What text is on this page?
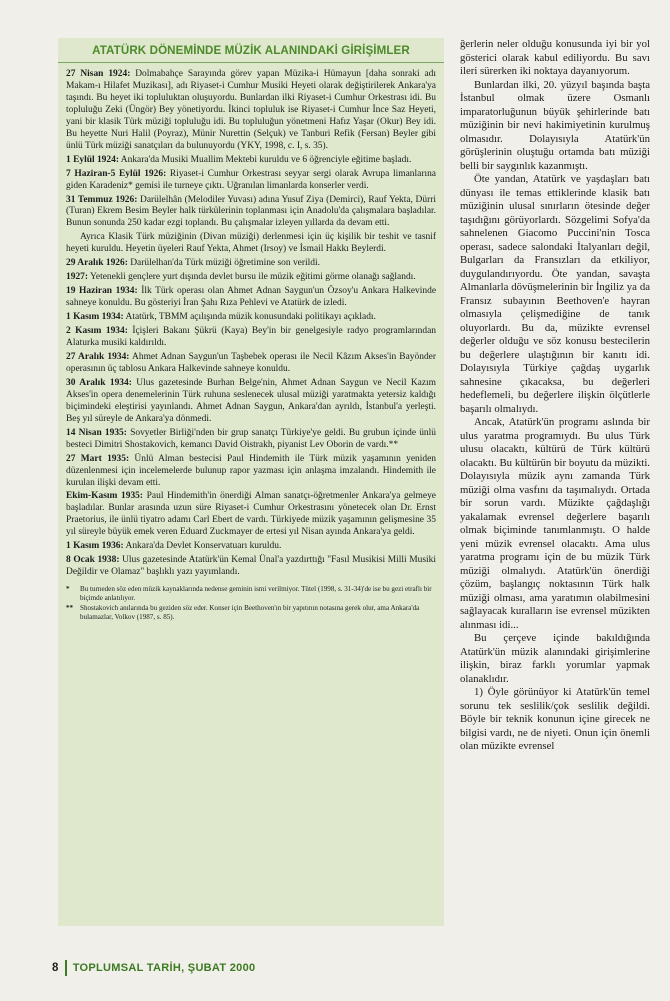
ATATÜRK DÖNEMİNDE MÜZİK ALANINDAKİ GİRİŞİMLER

27 Nisan 1924: Dolmabahçe Sarayında görev yapan Müzika-i Hümayun [daha sonraki adı Makam-ı Hilafet Muzikası], adı Riyaset-i Cumhur Musiki Heyeti olarak değiştirilerek Ankara'ya taşındı. Bu heyet iki topluluktan oluşuyordu. Bunlardan ilki Riyaset-i Cumhur Orkestrası idi. Bu topluluğu Zeki (Üngör) Bey yönetiyordu. İkinci topluluk ise Riyaset-i Cumhur İnce Saz Heyeti, yani bir klasik Türk müziği topluluğu idi. Bu topluluğun yönetmeni Hafız Yaşar (Okur) Bey idi. Bu heyette Nuri Halil (Poyraz), Münir Nurettin (Selçuk) ve Tanburi Refik (Fersan) Beyler gibi ünlü Türk müziği sanatçıları da bulunuyordu (YKY, 1998, c. I, s. 35).

1 Eylül 1924: Ankara'da Musiki Muallim Mektebi kuruldu ve 6 öğrenciyle eğitime başladı.

7 Haziran-5 Eylül 1926: Riyaset-i Cumhur Orkestrası seyyar sergi olarak Avrupa limanlarına giden Karadeniz* gemisi ile turneye çıktı. Uğranılan limanlarda konserler verdi.

31 Temmuz 1926: Darülelhân (Melodiler Yuvası) adına Yusuf Ziya (Demirci), Rauf Yekta, Dürri (Turan) Ekrem Besim Beyler halk türkülerinin toplanması için Anadolu'da çalışmalara başladılar. Bunun sonunda 250 kadar ezgi toplandı. Bu çalışmalar izleyen yıllarda da devam etti.

Ayrıca Klasik Türk müziğinin (Divan müziği) derlenmesi için üç kişilik bir teshit ve tasnif heyeti kuruldu. Heyetin üyeleri Rauf Yekta, Ahmet (Irsoy) ve İsmail Hakkı Beylerdi.

29 Aralık 1926: Darülelhan'da Türk müziği öğretimine son verildi.

1927: Yetenekli gençlere yurt dışında devlet bursu ile müzik eğitimi görme olanağı sağlandı.

19 Haziran 1934: İlk Türk operası olan Ahmet Adnan Saygun'un Özsoy'u Ankara Halkevinde sahneye konuldu. Bu gösteriyi İran Şahı Rıza Pehlevi ve Atatürk de izledi.

1 Kasım 1934: Atatürk, TBMM açılışında müzik konusundaki politikayı açıkladı.

2 Kasım 1934: İçişleri Bakanı Şükrü (Kaya) Bey'in bir genelgesiyle radyo programlarından Alaturka musiki kaldırıldı.

27 Aralık 1934: Ahmet Adnan Saygun'un Taşbebek operası ile Necil Kâzım Akses'in Bayönder operasının üç tablosu Ankara Halkevinde sahneye konuldu.

30 Aralık 1934: Ulus gazetesinde Burhan Belge'nin, Ahmet Adnan Saygun ve Necil Kazım Akses'in opera denemelerinin Türk ruhuna seslenecek ulusal müziği yaratmakta yetersiz kaldığı biçimindeki eleştirisi yayınlandı. Ahmet Adnan Saygun, Ankara'dan ayrıldı, İstanbul'a yerleşti. Beş yıl süreyle de Ankara'ya dönmedi.

14 Nisan 1935: Sovyetler Birliği'nden bir grup sanatçı Türkiye'ye geldi. Bu grubun içinde ünlü besteci Dimitri Shostakovich, kemancı David Oistrakh, piyanist Lev Oborin de vardı.**

27 Mart 1935: Ünlü Alman bestecisi Paul Hindemith ile Türk müzik yaşamının yeniden düzenlenmesi için incelemelerde bulunup rapor yazması için anlaşma imzalandı. Hindemith ile kurulan ilişki devam etti.

Ekim-Kasım 1935: Paul Hindemith'in önerdiği Alman sanatçı-öğretmenler Ankara'ya gelmeye başladılar. Bunlar arasında uzun süre Riyaset-i Cumhur Orkestrasını yönetecek olan Dr. Ernst Praetorius, ile ünlü tiyatro adamı Carl Ebert de vardı. Türkiyede müzik yaşamının gelişmesine 35 yıl süreyle büyük emek veren Eduard Zuckmayer de ertesi yıl Nisan ayında Ankara'ya geldi.

1 Kasım 1936: Ankara'da Devlet Konservatuarı kuruldu.

8 Ocak 1938: Ulus gazetesinde Atatürk'ün Kemal Ünal'a yazdırttığı "Fasıl Musikisi Milli Musiki Değildir ve Olamaz" başlıklı yazı yayımlandı.

* Bu turneden söz eden müzik kaynaklarında nedense geminin ismi verilmiyor. Tütel (1998, s. 31-34)'de ise bu gezi etraflı bir biçimde anlatılıyor.
** Shostakovich anılarında bu geziden söz eder. Konser için Beethoven'ın bir yapıtının notasına gerek olur, ama Ankara'da bulamazlar, Volkov (1987, s. 85).

ğerlerin neler olduğu konusunda iyi bir yol gösterici olarak kabul ediliyordu. Bu savı ileri sürerken iki noktaya dayanıyorum.

Bunlardan ilki, 20. yüzyıl başında başta İstanbul olmak üzere Osmanlı imparatorluğunun büyük şehirlerinde batı müziğinin bir nevi hakimiyetinin kurulmuş olmasıdır. Dolayısıyla Atatürk'ün görüşlerinin oluştuğu ortamda batı müziği belli bir saygınlık kazanmıştı.

Öte yandan, Atatürk ve yaşdaşları batı dünyası ile temas ettiklerinde klasik batı müziğinin ulusal sınırların ötesinde değer taşıdığını görüyorlardı. Sözgelimi Sofya'da sahnelenen Giacomo Puccini'nin Tosca operası, sadece salondaki İtalyanları değil, Bulgarları da Fransızları da etkiliyor, duygulandırıyordu. Öte yandan, savaşta Almanlarla dövüşmelerinin bir İngiliz ya da Fransız subayının Beethoven'e hayran olmasıyla çelişmediğine de tanık oluyorlardı. Bu da, müzikte evrensel değerler olduğu ve söz konusu bestecilerin bu değerlere ulaştığının bir kanıtı idi. Dolayısıyla Türkiye çağdaş uygarlık sahnesine çıkacaksa, bu değerleri hedeflemeli, bu değerlere ilişkin ölçütlerle başarılı olmalıydı.

Ancak, Atatürk'ün programı aslında bir ulus yaratma programıydı. Bu ulus Türk ulusu olacaktı, kültürü de Türk kültürü olacaktı. Bu kültürün bir boyutu da müzikti. Dolayısıyla müzik aynı zamanda Türk müziği olma vasfını da taşımalıydı. Ortada bir sorun vardı. Müzikte çağdaşlığı yakalamak evrensel değerlere başarılı olmak biçiminde tanımlanmıştı. O halde yeni müzik evrensel olacaktı. Ama ulus yaratma programı için de bu müzik Türk müziği olmalıydı. Atatürk'ün önerdiği çözüm, başlangıç noktasının Türk halk müziği olması, ama yaratımın olabilmesini sağlayacak kuralların ise evrensel müzikten alınması idi...

Bu çerçeve içinde bakıldığında Atatürk'ün müzik alanındaki girişimlerine ilişkin, biraz farklı yorumlar yapmak olanaklıdır.

1) Öyle görünüyor ki Atatürk'ün temel sorunu tek seslilik/çok seslilik değildi. Böyle bir teknik konunun içine girecek ne bilgisi vardı, ne de niyeti. Onun için önemli olan müzikte evrensel

8 TOPLUMSAL TARİH, ŞUBAT 2000
